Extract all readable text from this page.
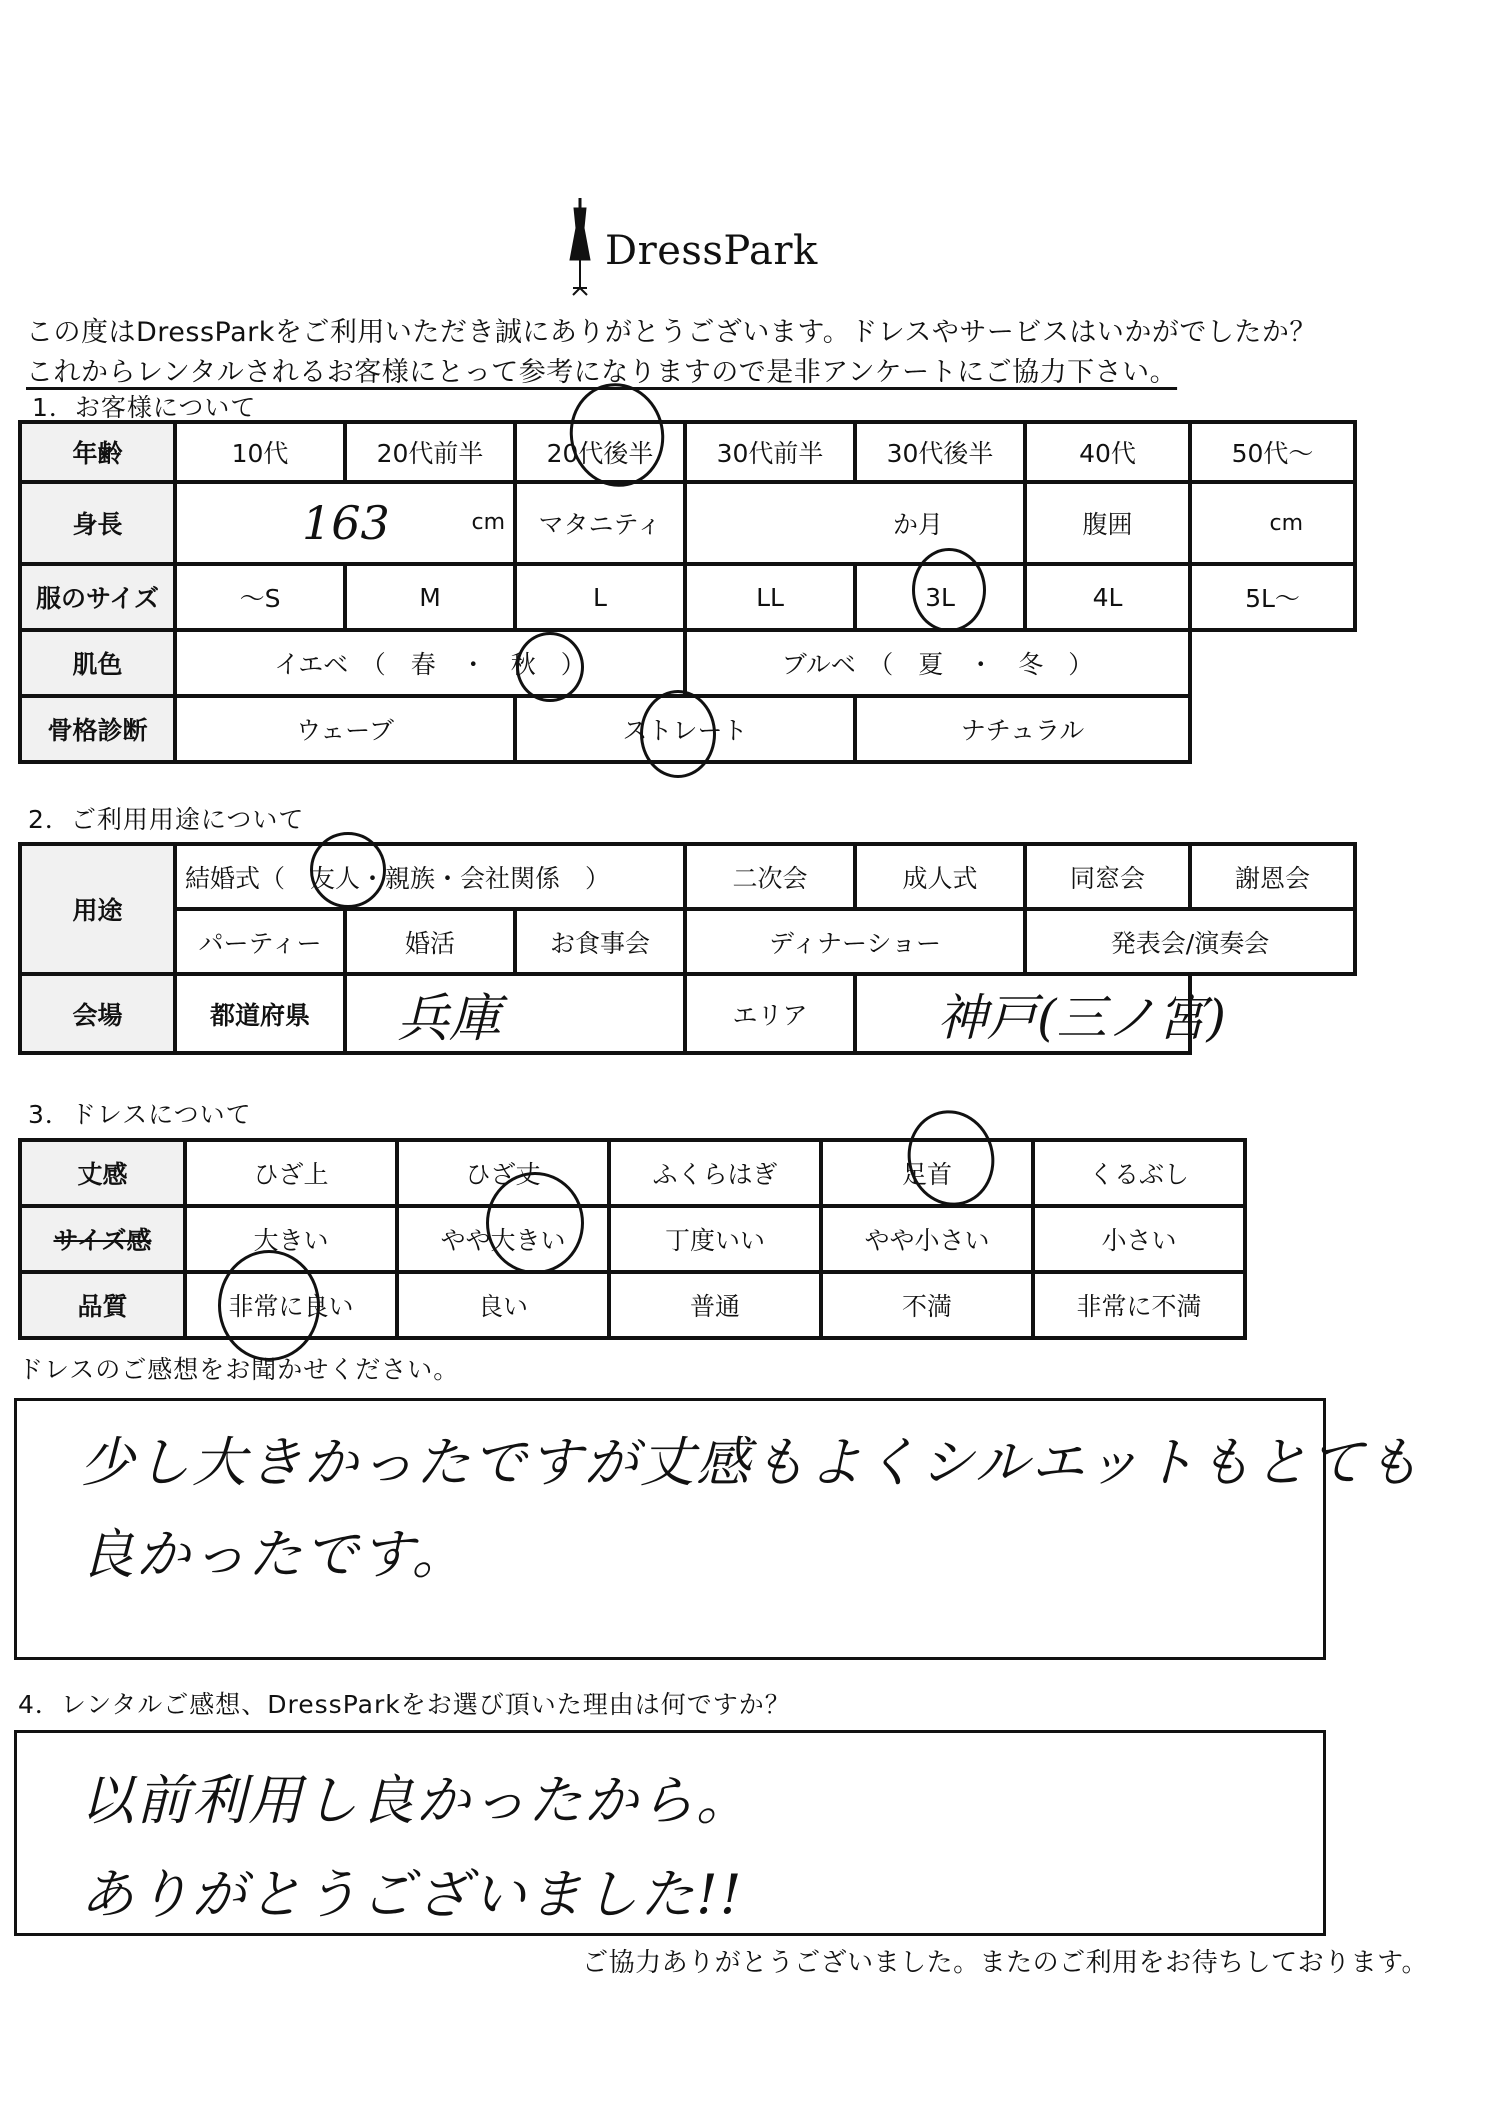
DressPark
この度はDressParkをご利用いただき誠にありがとうございます。ドレスやサービスはいかがでしたか？
これからレンタルされるお客様にとって参考になりますので是非アンケートにご協力下さい。
1．お客様について
年齢	10代	20代前半	20代後半	30代前半	30代後半	40代	50代～
身長	163 cm		マタニティ	か月		腹囲	cm
服のサイズ	～S	M	L	LL	3L	4L	5L～
肌色	イエベ　（　春　・　秋　）			ブルベ　（　夏　・　冬　）			
骨格診断	ウェーブ		ストレート		ナチュラル		
2．ご利用用途について
用途	結婚式（　友人・親族・会社関係　）			二次会	成人式	同窓会	謝恩会
	パーティー	婚活	お食事会	ディナーショー		発表会/演奏会	
会場	都道府県	兵庫		エリア	神戸(三ノ宮)		
3．ドレスについて
丈感	ひざ上	ひざ丈	ふくらはぎ	足首	くるぶし
サイズ感	大きい	やや大きい	丁度いい	やや小さい	小さい
品質	非常に良い	良い	普通	不満	非常に不満
ドレスのご感想をお聞かせください。
少し大きかったですが丈感もよくシルエットもとても
良かったです。
4．レンタルご感想、DressParkをお選び頂いた理由は何ですか？
以前利用し良かったから。
ありがとうございました!!
ご協力ありがとうございました。またのご利用をお待ちしております。
